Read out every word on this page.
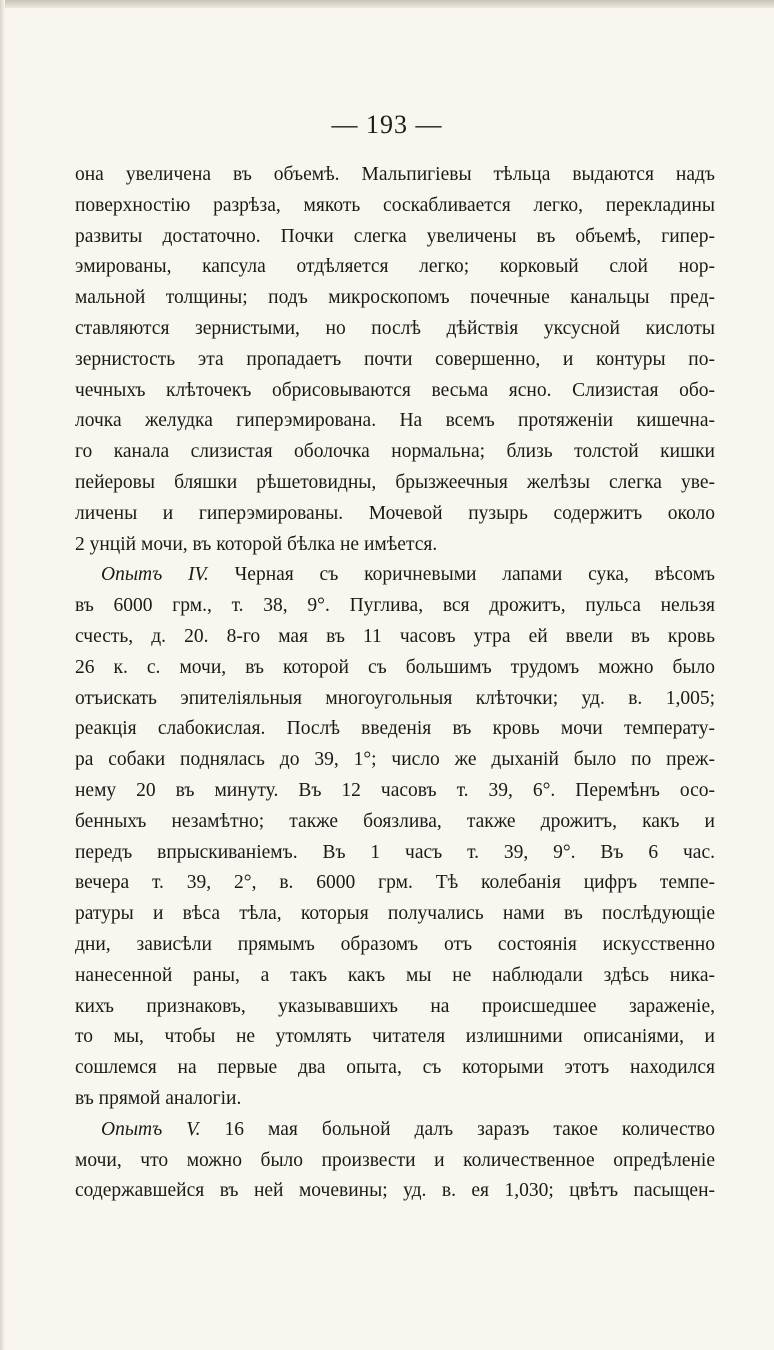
— 193 —
она увеличена въ объемѣ. Мальпигіевы тѣльца выдаются надъ
поверхностію разрѣза, мякоть соскабливается легко, перекладины
развиты достаточно. Почки слегка увеличены въ объемѣ, гипер-
эмированы, капсула отдѣляется легко; корковый слой нор-
мальной толщины; подъ микроскопомъ почечные канальцы пред-
ставляются зернистыми, но послѣ дѣйствія уксусной кислоты
зернистость эта пропадаетъ почти совершенно, и контуры по-
чечныхъ клѣточекъ обрисовываются весьма ясно. Слизистая обо-
лочка желудка гиперэмирована. На всемъ протяженіи кишечна-
го канала слизистая оболочка нормальна; близь толстой кишки
пейеровы бляшки рѣшетовидны, брызжеечныя желѣзы слегка уве-
личены и гиперэмированы. Мочевой пузырь содержитъ около
2 унцій мочи, въ которой бѣлка не имѣется.
Опытъ IV. Черная съ коричневыми лапами сука, вѣсомъ
въ 6000 грм., т. 38, 9°. Пуглива, вся дрожитъ, пульса нельзя
счесть, д. 20. 8-го мая въ 11 часовъ утра ей ввели въ кровь
26 к. с. мочи, въ которой съ большимъ трудомъ можно было
отъискать эпителіяльныя многоугольныя клѣточки; уд. в. 1,005;
реакція слабокислая. Послѣ введенія въ кровь мочи температу-
ра собаки поднялась до 39, 1°; число же дыханій было по преж-
нему 20 въ минуту. Въ 12 часовъ т. 39, 6°. Перемѣнъ осо-
бенныхъ незамѣтно; также боязлива, также дрожитъ, какъ и
передъ впрыскиваніемъ. Въ 1 часъ т. 39, 9°. Въ 6 час.
вечера т. 39, 2°, в. 6000 грм. Тѣ колебанія цифръ темпе-
ратуры и вѣса тѣла, которыя получались нами въ послѣдующіе
дни, зависѣли прямымъ образомъ отъ состоянія искусственно
нанесенной раны, а такъ какъ мы не наблюдали здѣсь ника-
кихъ признаковъ, указывавшихъ на происшедшее зараженіе,
то мы, чтобы не утомлять читателя излишними описаніями, и
сошлемся на первые два опыта, съ которыми этотъ находился
въ прямой аналогіи.
Опытъ V. 16 мая больной далъ заразъ такое количество
мочи, что можно было произвести и количественное опредѣленіе
содержавшейся въ ней мочевины; уд. в. ея 1,030; цвѣтъ пасыщен-
